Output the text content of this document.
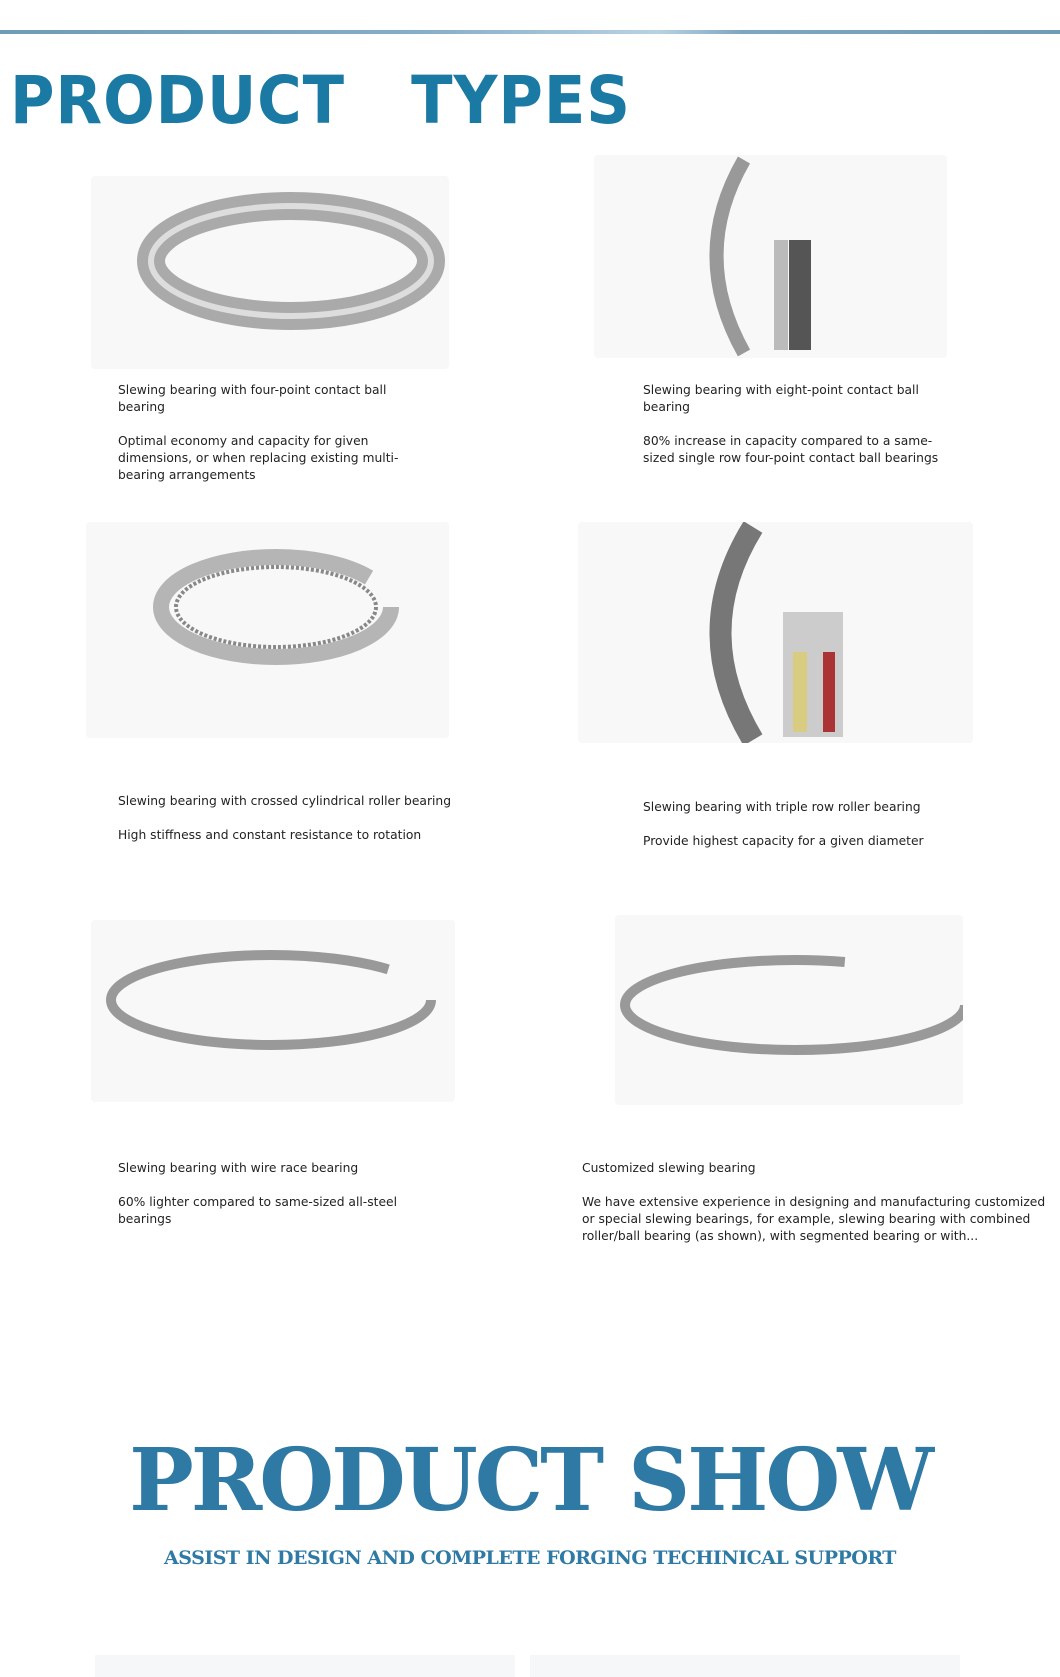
PRODUCT   TYPES

Slewing bearing with four-point contact ball bearing

Optimal economy and capacity for given dimensions, or when replacing existing multi-bearing arrangements

Slewing bearing with eight-point contact ball bearing

80% increase in capacity compared to a same-sized single row four-point contact ball bearings

Slewing bearing with crossed cylindrical roller bearing

High stiffness and constant resistance to rotation

Slewing bearing with triple row roller bearing

Provide highest capacity for a given diameter

Slewing bearing with wire race bearing

60% lighter compared to same-sized all-steel bearings

Customized slewing bearing

We have extensive experience in designing and manufacturing customized or special slewing bearings, for example, slewing bearing with combined roller/ball bearing (as shown), with segmented bearing or with...

PRODUCT SHOW
ASSIST IN DESIGN AND COMPLETE FORGING TECHINICAL SUPPORT
